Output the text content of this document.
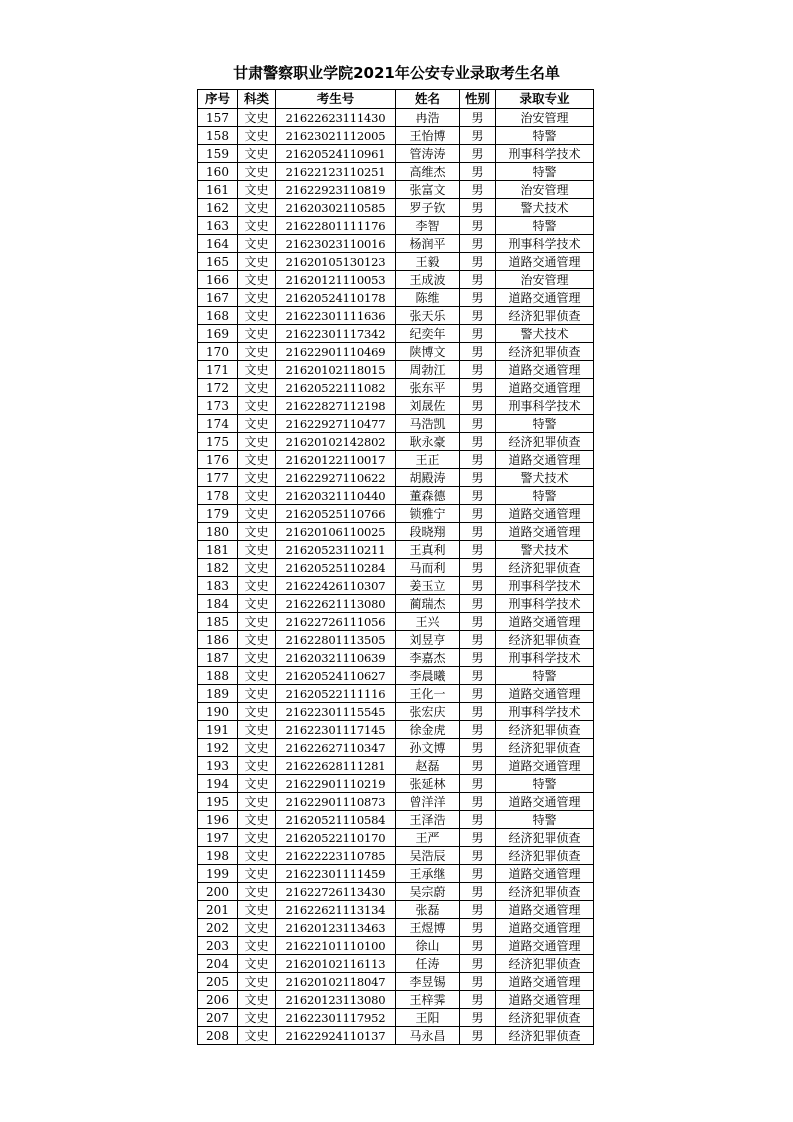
甘肃警察职业学院2021年公安专业录取考生名单
序号	科类	考生号	姓名	性别	录取专业
157	文史	21622623111430	冉浩	男	治安管理
158	文史	21623021112005	王怡博	男	特警
159	文史	21620524110961	管涛涛	男	刑事科学技术
160	文史	21622123110251	高维杰	男	特警
161	文史	21622923110819	张富文	男	治安管理
162	文史	21620302110585	罗子钦	男	警犬技术
163	文史	21622801111176	李智	男	特警
164	文史	21623023110016	杨润平	男	刑事科学技术
165	文史	21620105130123	王毅	男	道路交通管理
166	文史	21620121110053	王成波	男	治安管理
167	文史	21620524110178	陈维	男	道路交通管理
168	文史	21622301111636	张天乐	男	经济犯罪侦查
169	文史	21622301117342	纪奕年	男	警犬技术
170	文史	21622901110469	陕博文	男	经济犯罪侦查
171	文史	21620102118015	周勃江	男	道路交通管理
172	文史	21620522111082	张东平	男	道路交通管理
173	文史	21622827112198	刘晟佐	男	刑事科学技术
174	文史	21622927110477	马浩凯	男	特警
175	文史	21620102142802	耿永豪	男	经济犯罪侦查
176	文史	21620122110017	王正	男	道路交通管理
177	文史	21622927110622	胡殿涛	男	警犬技术
178	文史	21620321110440	董森德	男	特警
179	文史	21620525110766	锁雅宁	男	道路交通管理
180	文史	21620106110025	段晓翔	男	道路交通管理
181	文史	21620523110211	王真利	男	警犬技术
182	文史	21620525110284	马而利	男	经济犯罪侦查
183	文史	21622426110307	姜玉立	男	刑事科学技术
184	文史	21622621113080	蔺瑞杰	男	刑事科学技术
185	文史	21622726111056	王兴	男	道路交通管理
186	文史	21622801113505	刘昱亨	男	经济犯罪侦查
187	文史	21620321110639	李嘉杰	男	刑事科学技术
188	文史	21620524110627	李晨曦	男	特警
189	文史	21620522111116	王化一	男	道路交通管理
190	文史	21622301115545	张宏庆	男	刑事科学技术
191	文史	21622301117145	徐金虎	男	经济犯罪侦查
192	文史	21622627110347	孙文博	男	经济犯罪侦查
193	文史	21622628111281	赵磊	男	道路交通管理
194	文史	21622901110219	张延林	男	特警
195	文史	21622901110873	曾洋洋	男	道路交通管理
196	文史	21620521110584	王泽浩	男	特警
197	文史	21620522110170	王严	男	经济犯罪侦查
198	文史	21622223110785	吴浩辰	男	经济犯罪侦查
199	文史	21622301111459	王承继	男	道路交通管理
200	文史	21622726113430	吴宗蔚	男	经济犯罪侦查
201	文史	21622621113134	张磊	男	道路交通管理
202	文史	21620123113463	王煜博	男	道路交通管理
203	文史	21622101110100	徐山	男	道路交通管理
204	文史	21620102116113	任涛	男	经济犯罪侦查
205	文史	21620102118047	李昱锡	男	道路交通管理
206	文史	21620123113080	王梓霁	男	道路交通管理
207	文史	21622301117952	王阳	男	经济犯罪侦查
208	文史	21622924110137	马永昌	男	经济犯罪侦查
